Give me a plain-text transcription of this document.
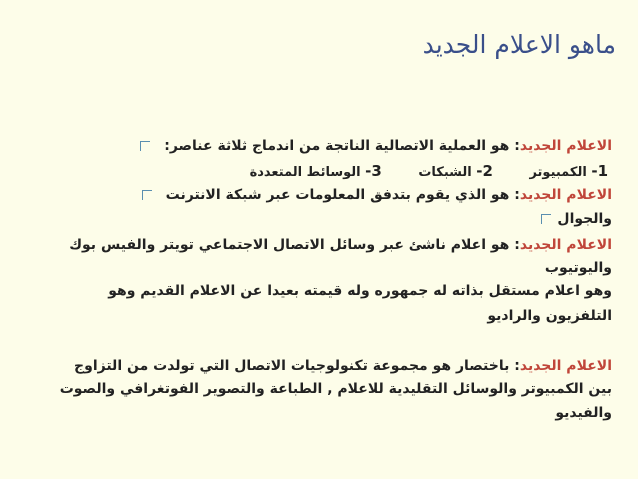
ماهو الاعلام الجديد
الاعلام الجديد: هو العملية الاتصالية الناتجة من اندماج ثلاثة عناصر:
1- الكمبيوتر 2- الشبكات 3- الوسائط المتعددة
الاعلام الجديد: هو الذي يقوم بتدفق المعلومات عبر شبكة الانترنت
والجوال
الاعلام الجديد: هو اعلام ناشئ عبر وسائل الاتصال الاجتماعي تويتر والفيس بوك
واليوتيوب
وهو اعلام مستقل بذاته له جمهوره وله قيمته بعيدا عن الاعلام القديم وهو
التلفزيون والراديو
الاعلام الجديد: باختصار هو مجموعة تكنولوجيات الاتصال التي تولدت من التزاوج
بين الكمبيوتر والوسائل التقليدية للاعلام , الطباعة والتصوير الفوتغرافي والصوت
والفيديو
